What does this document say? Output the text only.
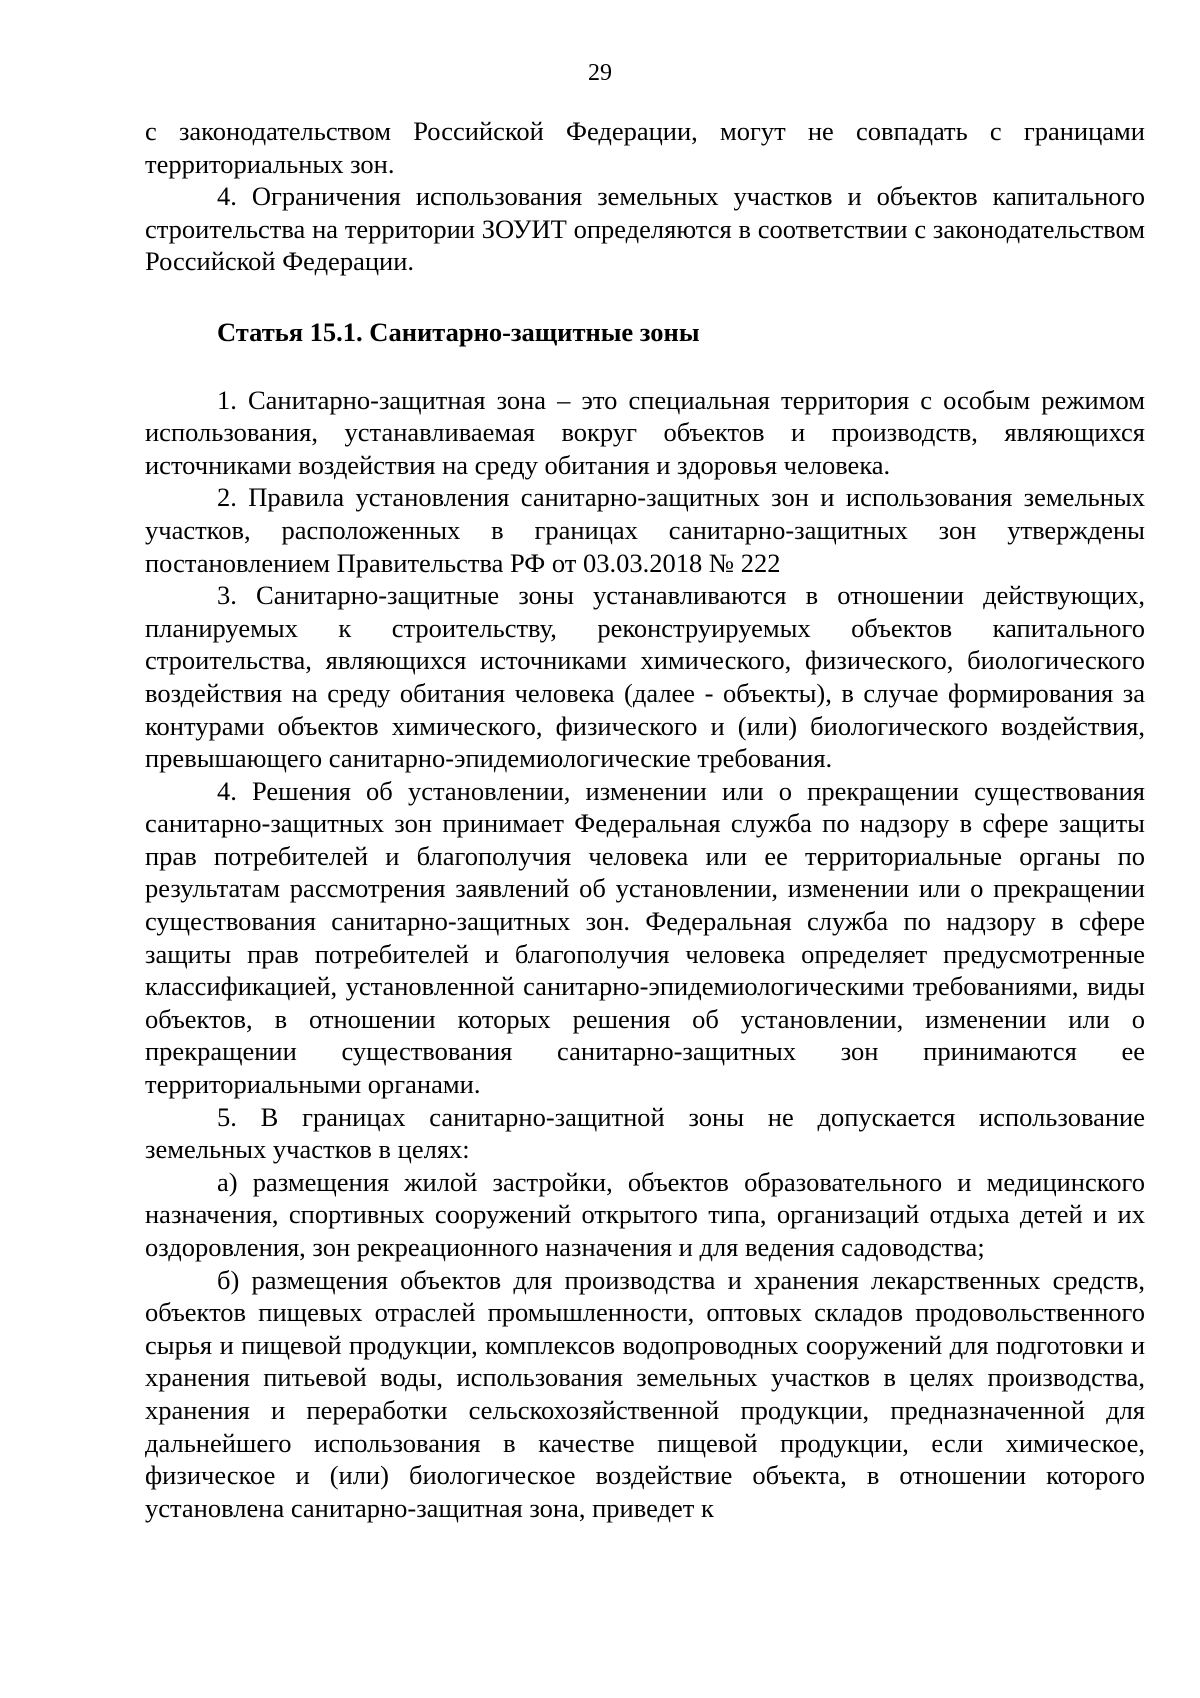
29

с законодательством Российской Федерации, могут не совпадать с границами территориальных зон.

4. Ограничения использования земельных участков и объектов капитального строительства на территории ЗОУИТ определяются в соответствии с законодательством Российской Федерации.

Статья 15.1. Санитарно-защитные зоны

1. Санитарно-защитная зона – это специальная территория с особым режимом использования, устанавливаемая вокруг объектов и производств, являющихся источниками воздействия на среду обитания и здоровья человека.

2. Правила установления санитарно-защитных зон и использования земельных участков, расположенных в границах санитарно-защитных зон утверждены постановлением Правительства РФ от 03.03.2018 № 222

3. Санитарно-защитные зоны устанавливаются в отношении действующих, планируемых к строительству, реконструируемых объектов капитального строительства, являющихся источниками химического, физического, биологического воздействия на среду обитания человека (далее - объекты), в случае формирования за контурами объектов химического, физического и (или) биологического воздействия, превышающего санитарно-эпидемиологические требования.

4. Решения об установлении, изменении или о прекращении существования санитарно-защитных зон принимает Федеральная служба по надзору в сфере защиты прав потребителей и благополучия человека или ее территориальные органы по результатам рассмотрения заявлений об установлении, изменении или о прекращении существования санитарно-защитных зон. Федеральная служба по надзору в сфере защиты прав потребителей и благополучия человека определяет предусмотренные классификацией, установленной санитарно-эпидемиологическими требованиями, виды объектов, в отношении которых решения об установлении, изменении или о прекращении существования санитарно-защитных зон принимаются ее территориальными органами.

5. В границах санитарно-защитной зоны не допускается использование земельных участков в целях:

а) размещения жилой застройки, объектов образовательного и медицинского назначения, спортивных сооружений открытого типа, организаций отдыха детей и их оздоровления, зон рекреационного назначения и для ведения садоводства;

б) размещения объектов для производства и хранения лекарственных средств, объектов пищевых отраслей промышленности, оптовых складов продовольственного сырья и пищевой продукции, комплексов водопроводных сооружений для подготовки и хранения питьевой воды, использования земельных участков в целях производства, хранения и переработки сельскохозяйственной продукции, предназначенной для дальнейшего использования в качестве пищевой продукции, если химическое, физическое и (или) биологическое воздействие объекта, в отношении которого установлена санитарно-защитная зона, приведет к
